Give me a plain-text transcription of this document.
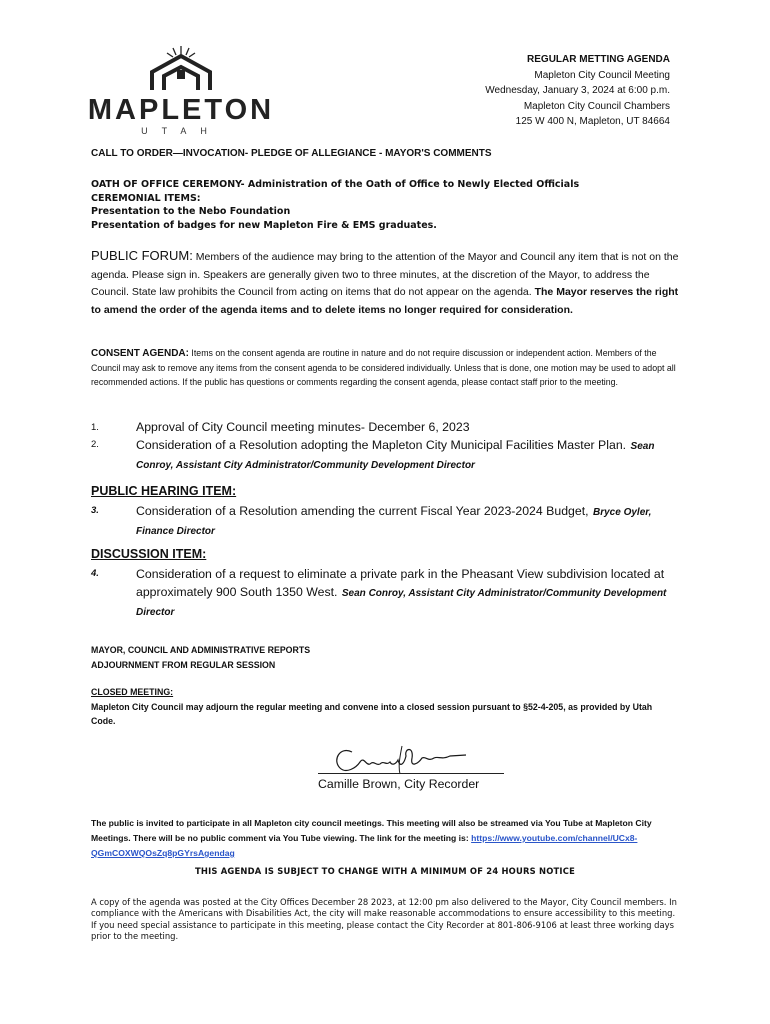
MAPLETON
UTAH
REGULAR METTING AGENDA
Mapleton City Council Meeting
Wednesday, January 3, 2024 at 6:00 p.m.
Mapleton City Council Chambers
125 W 400 N, Mapleton, UT 84664
CALL TO ORDER—INVOCATION- PLEDGE OF ALLEGIANCE - MAYOR'S COMMENTS
OATH OF OFFICE CEREMONY- Administration of the Oath of Office to Newly Elected Officials
CEREMONIAL ITEMS:
Presentation to the Nebo Foundation
Presentation of badges for new Mapleton Fire & EMS graduates.
PUBLIC FORUM: Members of the audience may bring to the attention of the Mayor and Council any item that is not on the agenda. Please sign in. Speakers are generally given two to three minutes, at the discretion of the Mayor, to address the Council. State law prohibits the Council from acting on items that do not appear on the agenda. The Mayor reserves the right to amend the order of the agenda items and to delete items no longer required for consideration.
CONSENT AGENDA: Items on the consent agenda are routine in nature and do not require discussion or independent action. Members of the Council may ask to remove any items from the consent agenda to be considered individually. Unless that is done, one motion may be used to adopt all recommended actions. If the public has questions or comments regarding the consent agenda, please contact staff prior to the meeting.
1.	Approval of City Council meeting minutes- December 6, 2023
2.	Consideration of a Resolution adopting the Mapleton City Municipal Facilities Master Plan. Sean Conroy, Assistant City Administrator/Community Development Director
PUBLIC HEARING ITEM:
3.	Consideration of a Resolution amending the current Fiscal Year 2023-2024 Budget, Bryce Oyler, Finance Director
DISCUSSION ITEM:
4.	Consideration of a request to eliminate a private park in the Pheasant View subdivision located at approximately 900 South 1350 West. Sean Conroy, Assistant City Administrator/Community Development Director
MAYOR, COUNCIL AND ADMINISTRATIVE REPORTS
ADJOURNMENT FROM REGULAR SESSION
CLOSED MEETING:
Mapleton City Council may adjourn the regular meeting and convene into a closed session pursuant to §52-4-205, as provided by Utah Code.
Camille Brown, City Recorder
The public is invited to participate in all Mapleton city council meetings. This meeting will also be streamed via You Tube at Mapleton City Meetings. There will be no public comment via You Tube viewing. The link for the meeting is: https://www.youtube.com/channel/UCx8-QGmCOXWQOsZq8pGYrsAgendag
THIS AGENDA IS SUBJECT TO CHANGE WITH A MINIMUM OF 24 HOURS NOTICE
A copy of the agenda was posted at the City Offices December 28 2023, at 12:00 pm also delivered to the Mayor, City Council members. In compliance with the Americans with Disabilities Act, the city will make reasonable accommodations to ensure accessibility to this meeting. If you need special assistance to participate in this meeting, please contact the City Recorder at 801-806-9106 at least three working days prior to the meeting.
